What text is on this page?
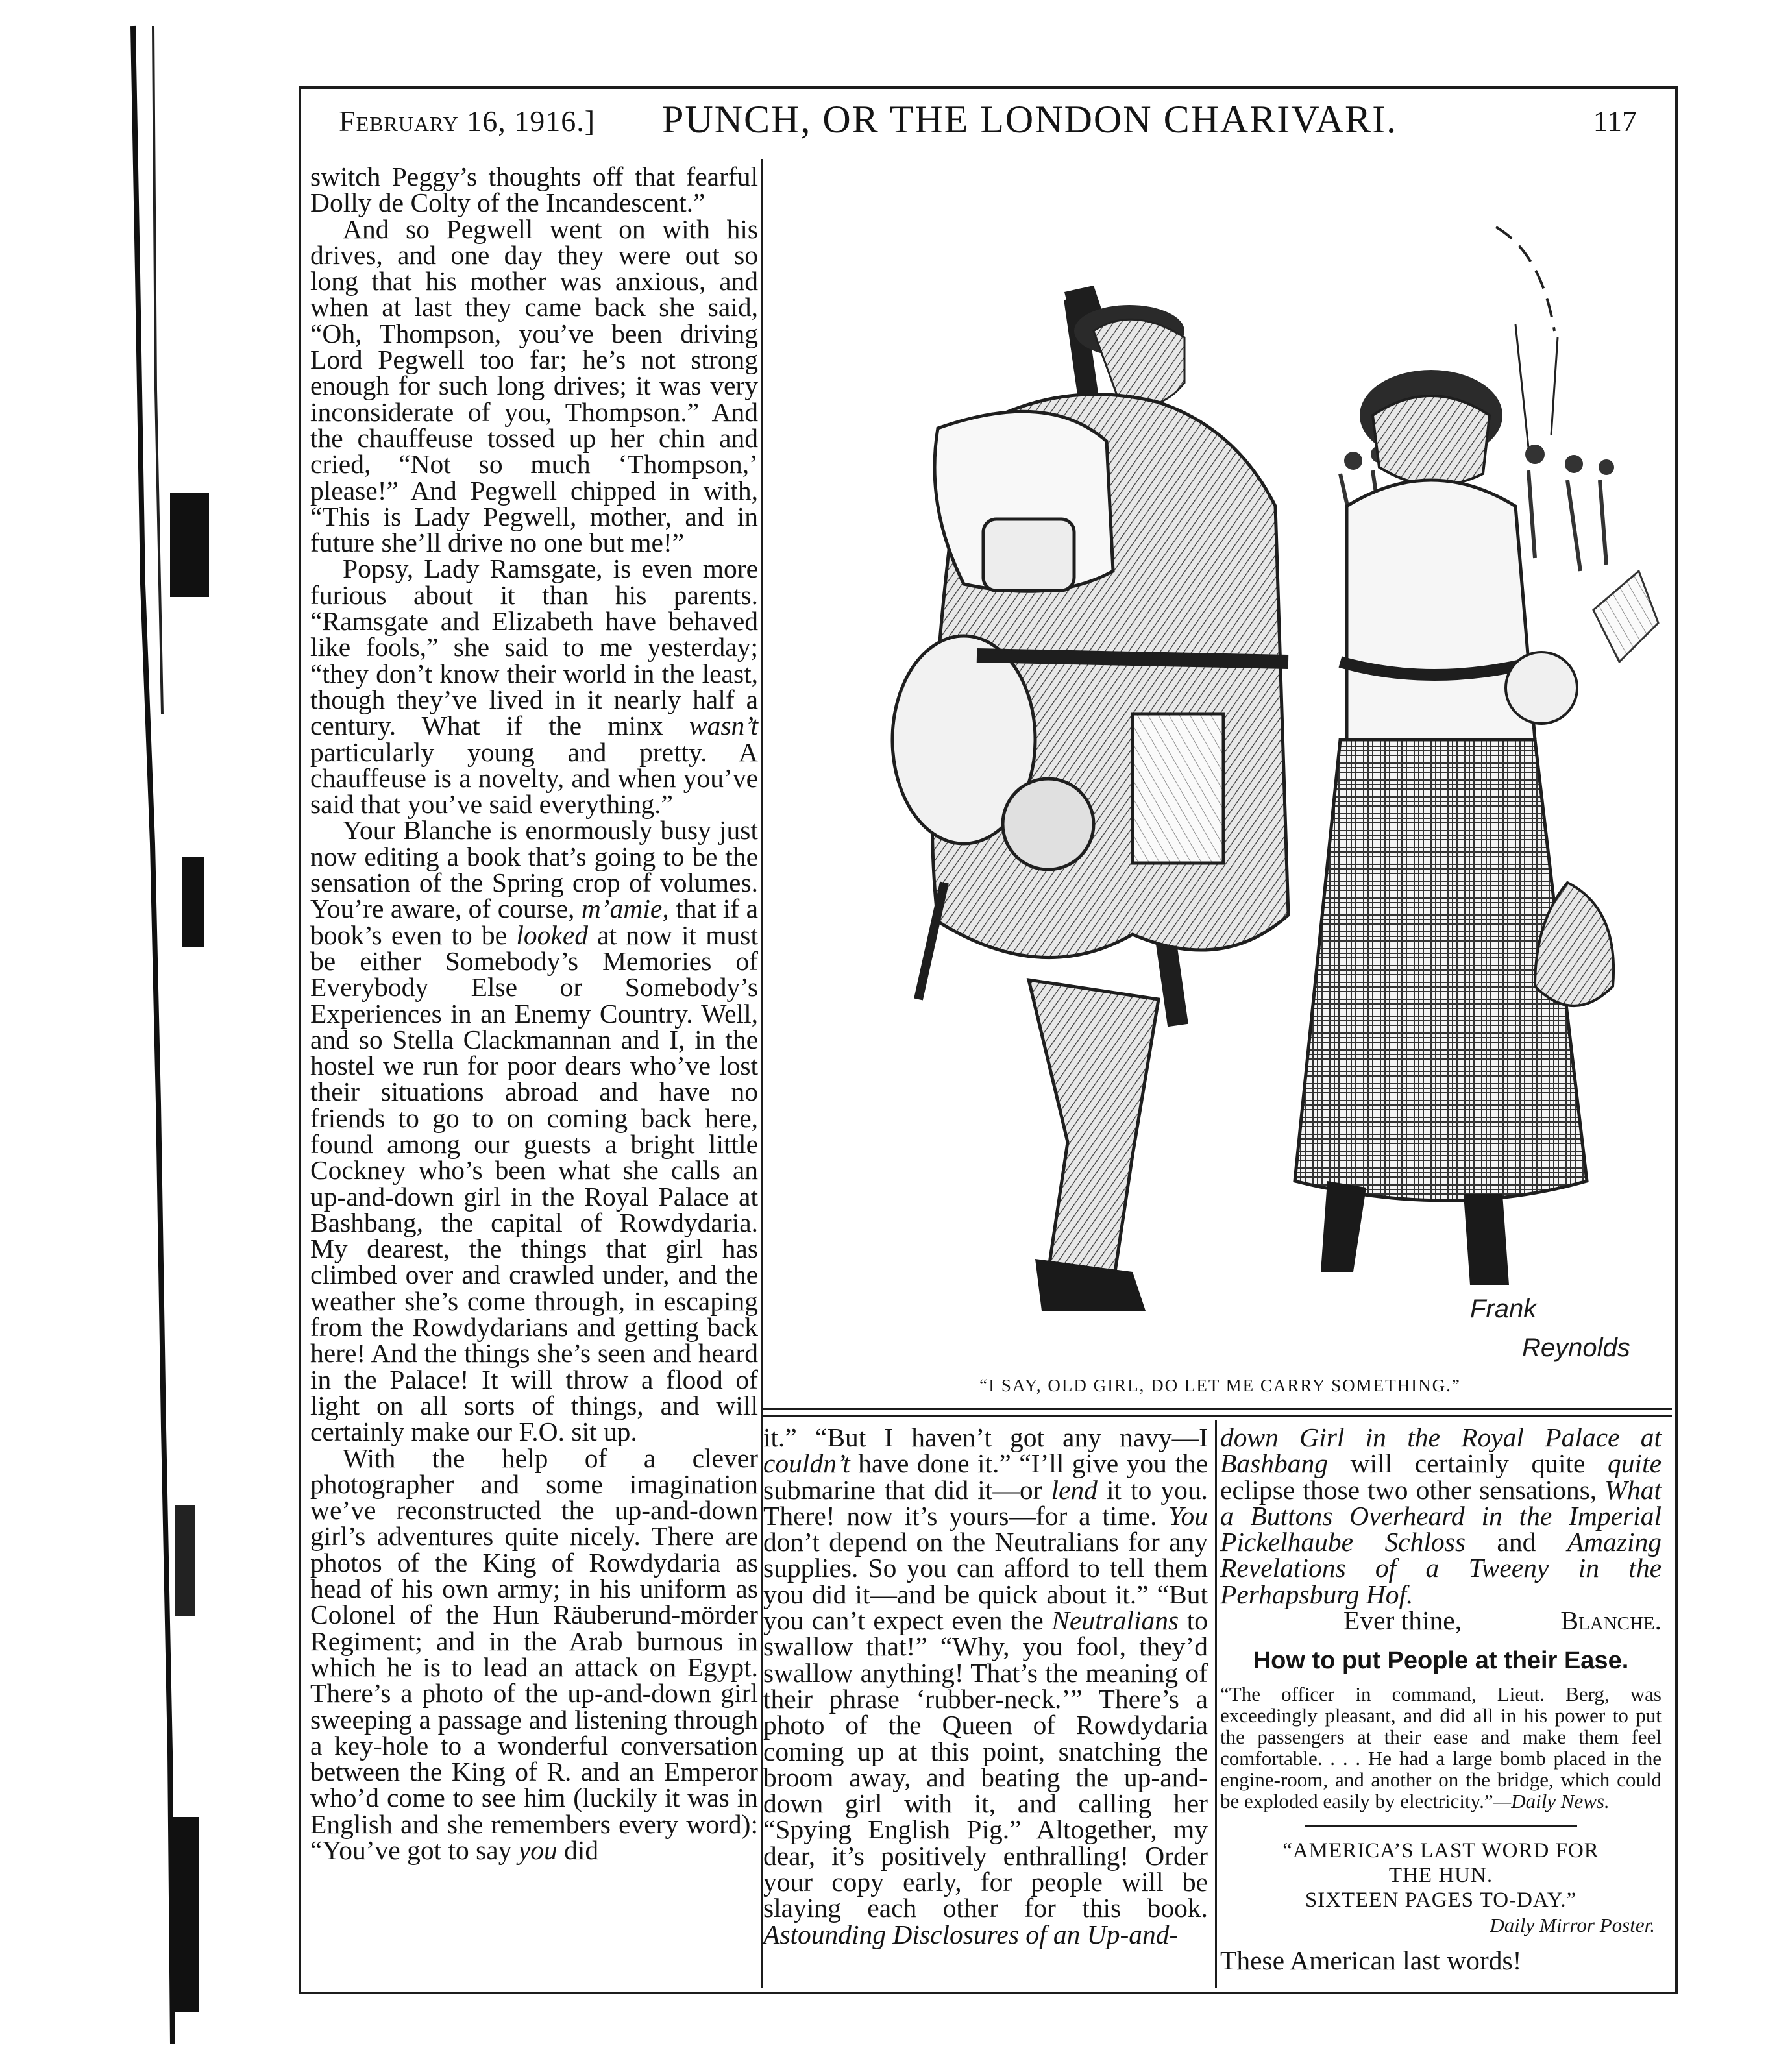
February 16, 1916.] PUNCH, OR THE LONDON CHARIVARI.	117

switch Peggy’s thoughts off that fearful Dolly de Colty of the Incandescent.”

And so Pegwell went on with his drives, and one day they were out so long that his mother was anxious, and when at last they came back she said, “Oh, Thompson, you’ve been driving Lord Pegwell too far; he’s not strong enough for such long drives; it was very inconsiderate of you, Thompson.” And the chauffeuse tossed up her chin and cried, “Not so much ‘Thompson,’ please!” And Pegwell chipped in with, “This is Lady Pegwell, mother, and in future she’ll drive no one but me!”

Popsy, Lady Ramsgate, is even more furious about it than his parents. “Ramsgate and Elizabeth have behaved like fools,” she said to me yesterday; “they don’t know their world in the least, though they’ve lived in it nearly half a century. What if the minx wasn’t particularly young and pretty. A chauffeuse is a novelty, and when you’ve said that you’ve said everything.”

Your Blanche is enormously busy just now editing a book that’s going to be the sensation of the Spring crop of volumes. You’re aware, of course, m’amie, that if a book’s even to be looked at now it must be either Somebody’s Memories of Everybody Else or Somebody’s Experiences in an Enemy Country. Well, and so Stella Clackmannan and I, in the hostel we run for poor dears who’ve lost their situations abroad and have no friends to go to on coming back here, found among our guests a bright little Cockney who’s been what she calls an up-and-down girl in the Royal Palace at Bashbang, the capital of Rowdydaria. My dearest, the things that girl has climbed over and crawled under, and the weather she’s come through, in escaping from the Rowdydarians and getting back here! And the things she’s seen and heard in the Palace! It will throw a flood of light on all sorts of things, and will certainly make our F.O. sit up.

With the help of a clever photographer and some imagination we’ve reconstructed the up-and-down girl’s adventures quite nicely. There are photos of the King of Rowdydaria as head of his own army; in his uniform as Colonel of the Hun Räuberund-mörder Regiment; and in the Arab burnous in which he is to lead an attack on Egypt. There’s a photo of the up-and-down girl sweeping a passage and listening through a key-hole to a wonderful conversation between the King of R. and an Emperor who’d come to see him (luckily it was in English and she remembers every word): “You’ve got to say you did

Frank
Reynolds
“I SAY, OLD GIRL, DO LET ME CARRY SOMETHING.”

it.” “But I haven’t got any navy—I couldn’t have done it.” “I’ll give you the submarine that did it—or lend it to you. There! now it’s yours—for a time. You don’t depend on the Neutralians for any supplies. So you can afford to tell them you did it—and be quick about it.” “But you can’t expect even the Neutralians to swallow that!” “Why, you fool, they’d swallow anything! That’s the meaning of their phrase ‘rubber-neck.’” There’s a photo of the Queen of Rowdydaria coming up at this point, snatching the broom away, and beating the up-and-down girl with it, and calling her “Spying English Pig.” Altogether, my dear, it’s positively enthralling! Order your copy early, for people will be slaying each other for this book. Astounding Disclosures of an Up-and-

down Girl in the Royal Palace at Bashbang will certainly quite quite eclipse those two other sensations, What a Buttons Overheard in the Imperial Pickelhaube Schloss and Amazing Revelations of a Tweeny in the Perhapsburg Hof.

Ever thine,	Blanche.
How to put People at their Ease.
“The officer in command, Lieut. Berg, was exceedingly pleasant, and did all in his power to put the passengers at their ease and make them feel comfortable. . . . He had a large bomb placed in the engine-room, and another on the bridge, which could be exploded easily by electricity.”—Daily News.
“AMERICA’S LAST WORD FOR
THE HUN.
SIXTEEN PAGES TO-DAY.”
Daily Mirror Poster.

These American last words!
